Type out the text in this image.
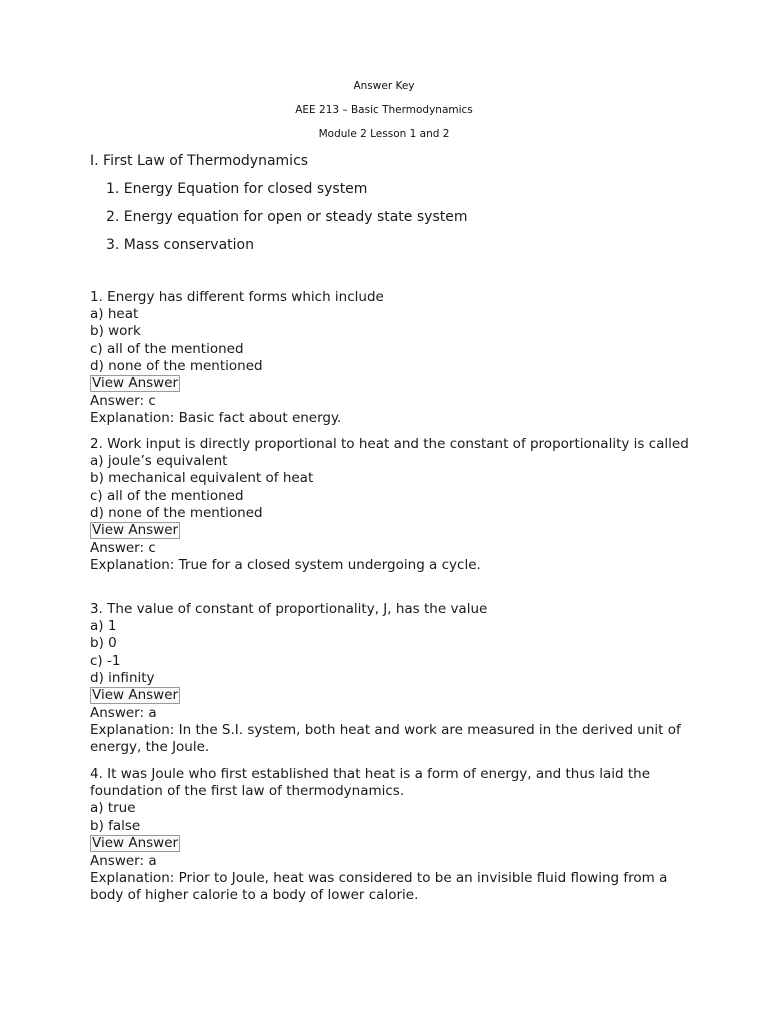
Answer Key
AEE 213 – Basic Thermodynamics
Module 2 Lesson 1 and 2
I. First Law of Thermodynamics
1. Energy Equation for closed system
2. Energy equation for open or steady state system
3. Mass conservation
1. Energy has different forms which include
a) heat
b) work
c) all of the mentioned
d) none of the mentioned
View Answer
Answer: c
Explanation: Basic fact about energy.
2. Work input is directly proportional to heat and the constant of proportionality is called
a) joule’s equivalent
b) mechanical equivalent of heat
c) all of the mentioned
d) none of the mentioned
View Answer
Answer: c
Explanation: True for a closed system undergoing a cycle.
3. The value of constant of proportionality, J, has the value
a) 1
b) 0
c) -1
d) infinity
View Answer
Answer: a
Explanation: In the S.I. system, both heat and work are measured in the derived unit of energy, the Joule.
4. It was Joule who first established that heat is a form of energy, and thus laid the foundation of the first law of thermodynamics.
a) true
b) false
View Answer
Answer: a
Explanation: Prior to Joule, heat was considered to be an invisible fluid flowing from a body of higher calorie to a body of lower calorie.
